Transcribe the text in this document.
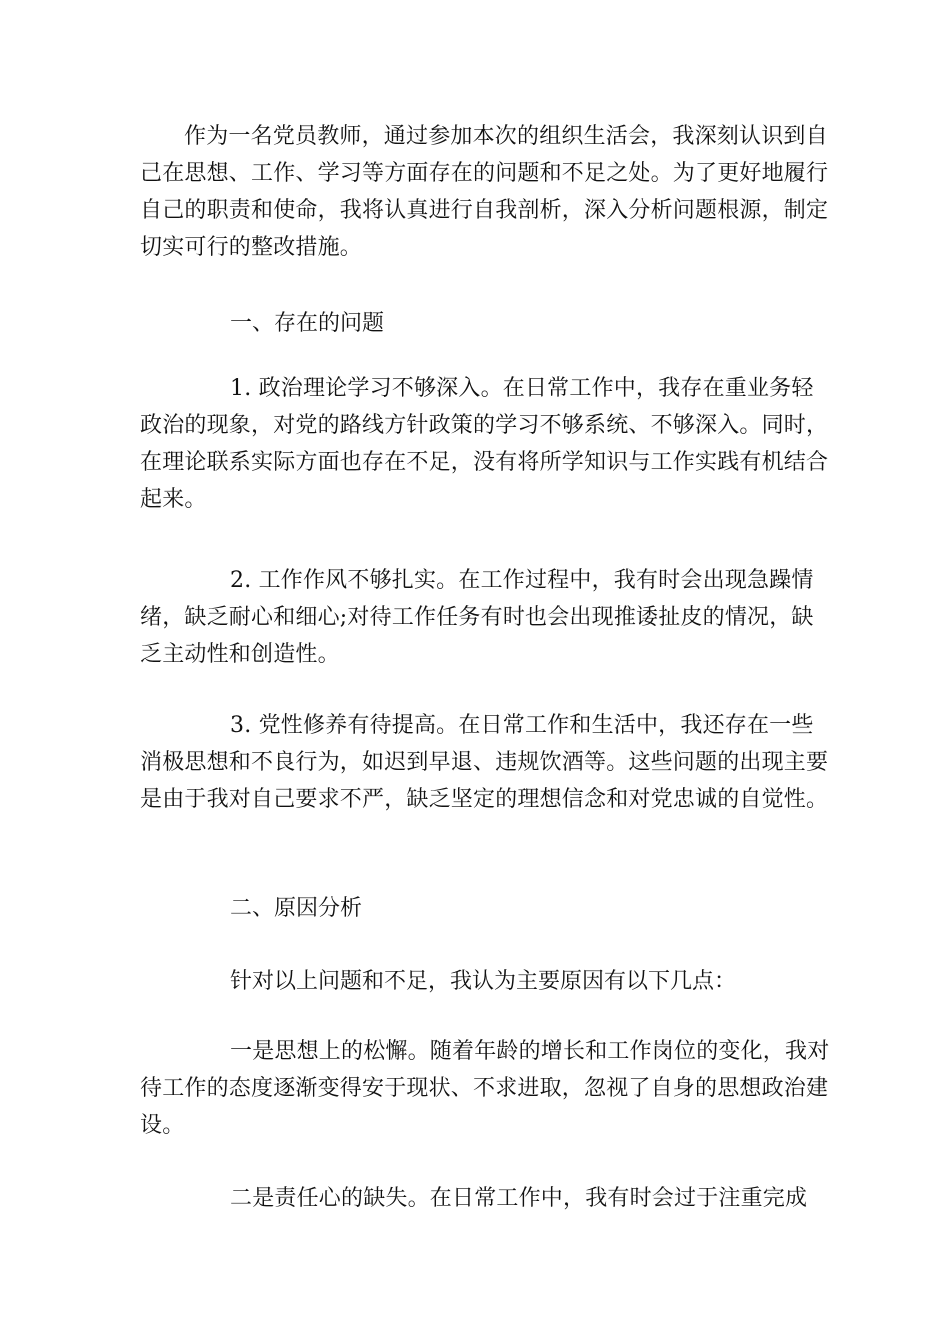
作为一名党员教师，通过参加本次的组织生活会，我深刻认识到自己在思想、工作、学习等方面存在的问题和不足之处。为了更好地履行自己的职责和使命，我将认真进行自我剖析，深入分析问题根源，制定切实可行的整改措施。

一、存在的问题

1. 政治理论学习不够深入。在日常工作中，我存在重业务轻政治的现象，对党的路线方针政策的学习不够系统、不够深入。同时，在理论联系实际方面也存在不足，没有将所学知识与工作实践有机结合起来。

2. 工作作风不够扎实。在工作过程中，我有时会出现急躁情绪，缺乏耐心和细心;对待工作任务有时也会出现推诿扯皮的情况，缺乏主动性和创造性。

3. 党性修养有待提高。在日常工作和生活中，我还存在一些消极思想和不良行为，如迟到早退、违规饮酒等。这些问题的出现主要是由于我对自己要求不严，缺乏坚定的理想信念和对党忠诚的自觉性。

二、原因分析

针对以上问题和不足，我认为主要原因有以下几点：

一是思想上的松懈。随着年龄的增长和工作岗位的变化，我对待工作的态度逐渐变得安于现状、不求进取，忽视了自身的思想政治建设。

二是责任心的缺失。在日常工作中，我有时会过于注重完成
